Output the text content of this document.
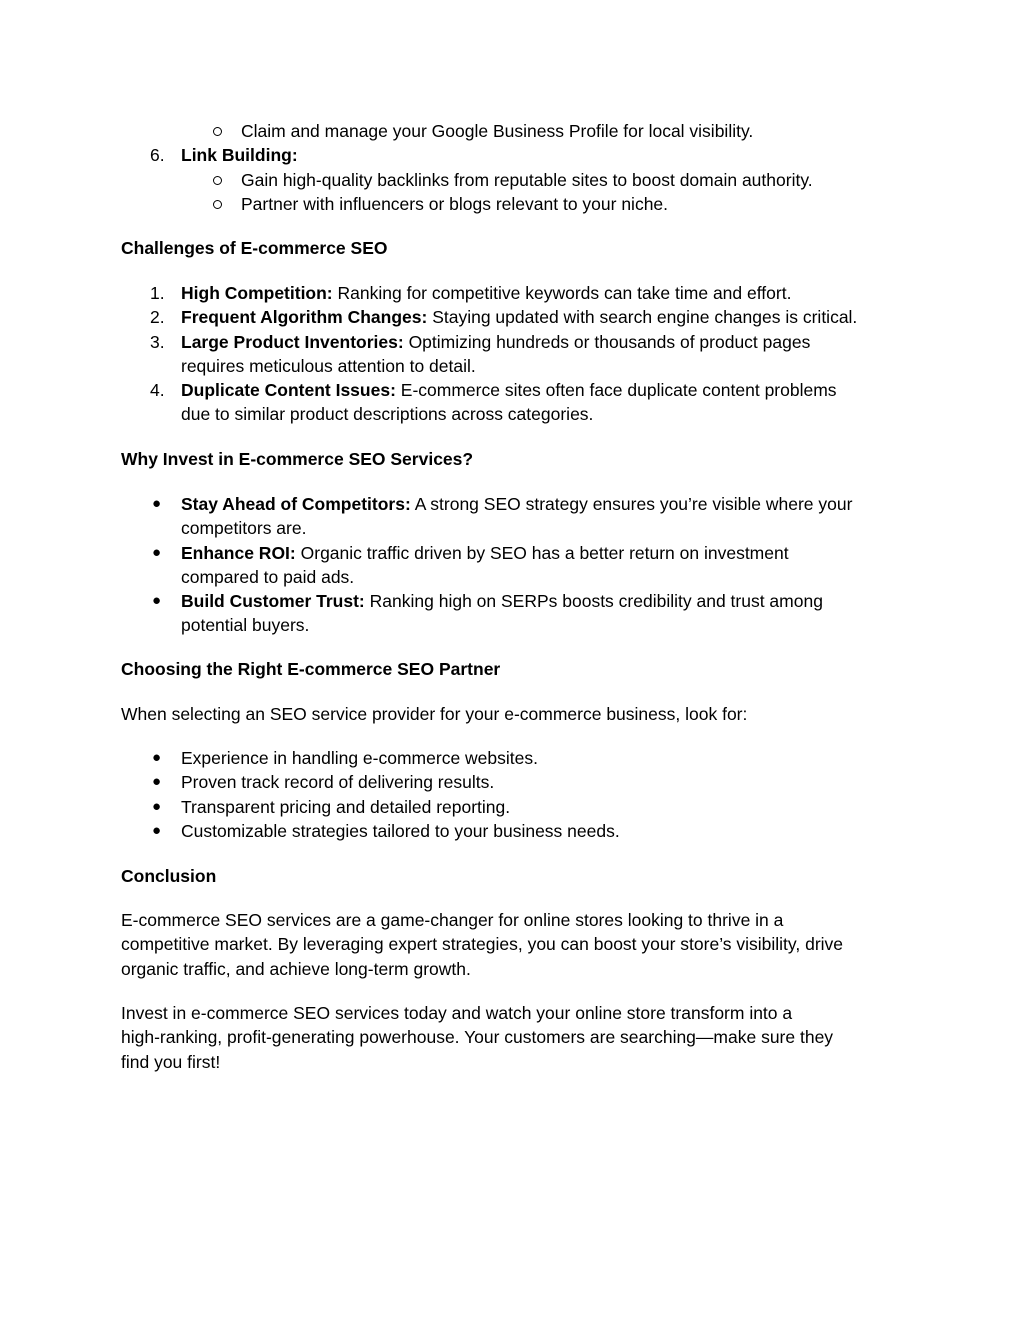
Claim and manage your Google Business Profile for local visibility.
6. Link Building:
Gain high-quality backlinks from reputable sites to boost domain authority.
Partner with influencers or blogs relevant to your niche.
Challenges of E-commerce SEO
1. High Competition: Ranking for competitive keywords can take time and effort.
2. Frequent Algorithm Changes: Staying updated with search engine changes is critical.
3. Large Product Inventories: Optimizing hundreds or thousands of product pages
requires meticulous attention to detail.
4. Duplicate Content Issues: E-commerce sites often face duplicate content problems
due to similar product descriptions across categories.
Why Invest in E-commerce SEO Services?
● Stay Ahead of Competitors: A strong SEO strategy ensures you’re visible where your
competitors are.
● Enhance ROI: Organic traffic driven by SEO has a better return on investment
compared to paid ads.
● Build Customer Trust: Ranking high on SERPs boosts credibility and trust among
potential buyers.
Choosing the Right E-commerce SEO Partner
When selecting an SEO service provider for your e-commerce business, look for:
● Experience in handling e-commerce websites.
● Proven track record of delivering results.
● Transparent pricing and detailed reporting.
● Customizable strategies tailored to your business needs.
Conclusion
E-commerce SEO services are a game-changer for online stores looking to thrive in a
competitive market. By leveraging expert strategies, you can boost your store’s visibility, drive
organic traffic, and achieve long-term growth.
Invest in e-commerce SEO services today and watch your online store transform into a
high-ranking, profit-generating powerhouse. Your customers are searching—make sure they
find you first!
